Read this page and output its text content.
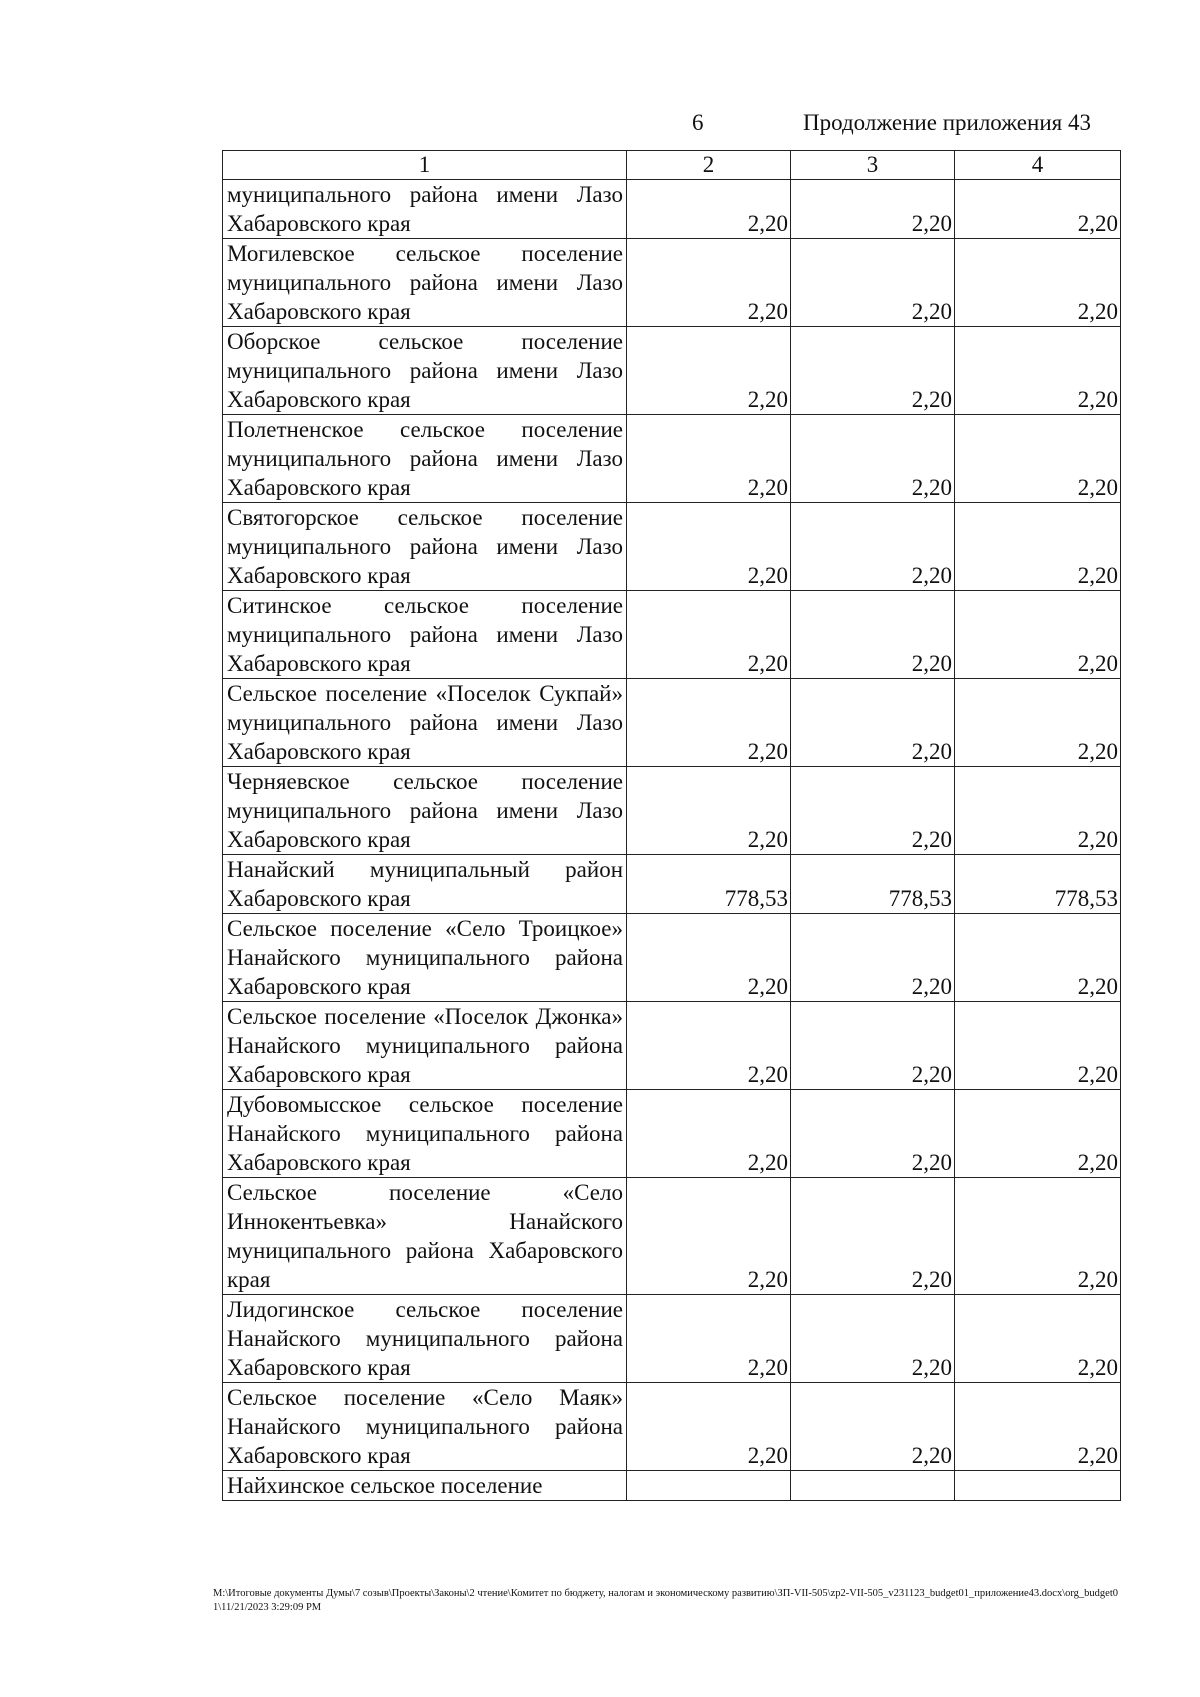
6	Продолжение приложения 43
1	2	3	4
муниципального района имени Лазо Хабаровского края	2,20	2,20	2,20
Могилевское сельское поселение муниципального района имени Лазо Хабаровского края	2,20	2,20	2,20
Оборское сельское поселение муниципального района имени Лазо Хабаровского края	2,20	2,20	2,20
Полетненское сельское поселение муниципального района имени Лазо Хабаровского края	2,20	2,20	2,20
Святогорское сельское поселение муниципального района имени Лазо Хабаровского края	2,20	2,20	2,20
Ситинское сельское поселение муниципального района имени Лазо Хабаровского края	2,20	2,20	2,20
Сельское поселение «Поселок Сукпай» муниципального района имени Лазо Хабаровского края	2,20	2,20	2,20
Черняевское сельское поселение муниципального района имени Лазо Хабаровского края	2,20	2,20	2,20
Нанайский муниципальный район Хабаровского края	778,53	778,53	778,53
Сельское поселение «Село Троицкое» Нанайского муниципального района Хабаровского края	2,20	2,20	2,20
Сельское поселение «Поселок Джонка» Нанайского муниципального района Хабаровского края	2,20	2,20	2,20
Дубовомысское сельское поселение Нанайского муниципального района Хабаровского края	2,20	2,20	2,20
Сельское поселение «Село Иннокентьевка» Нанайского муниципального района Хабаровского края	2,20	2,20	2,20
Лидогинское сельское поселение Нанайского муниципального района Хабаровского края	2,20	2,20	2,20
Сельское поселение «Село Маяк» Нанайского муниципального района Хабаровского края	2,20	2,20	2,20
Найхинское сельское поселение			
M:\Итоговые документы Думы\7 созыв\Проекты\Законы\2 чтение\Комитет по бюджету, налогам и экономическому развитию\ЗП-VII-505\zp2-VII-505_v231123_budget01_приложение43.docx\org_budget01\11/21/2023 3:29:09 PM
